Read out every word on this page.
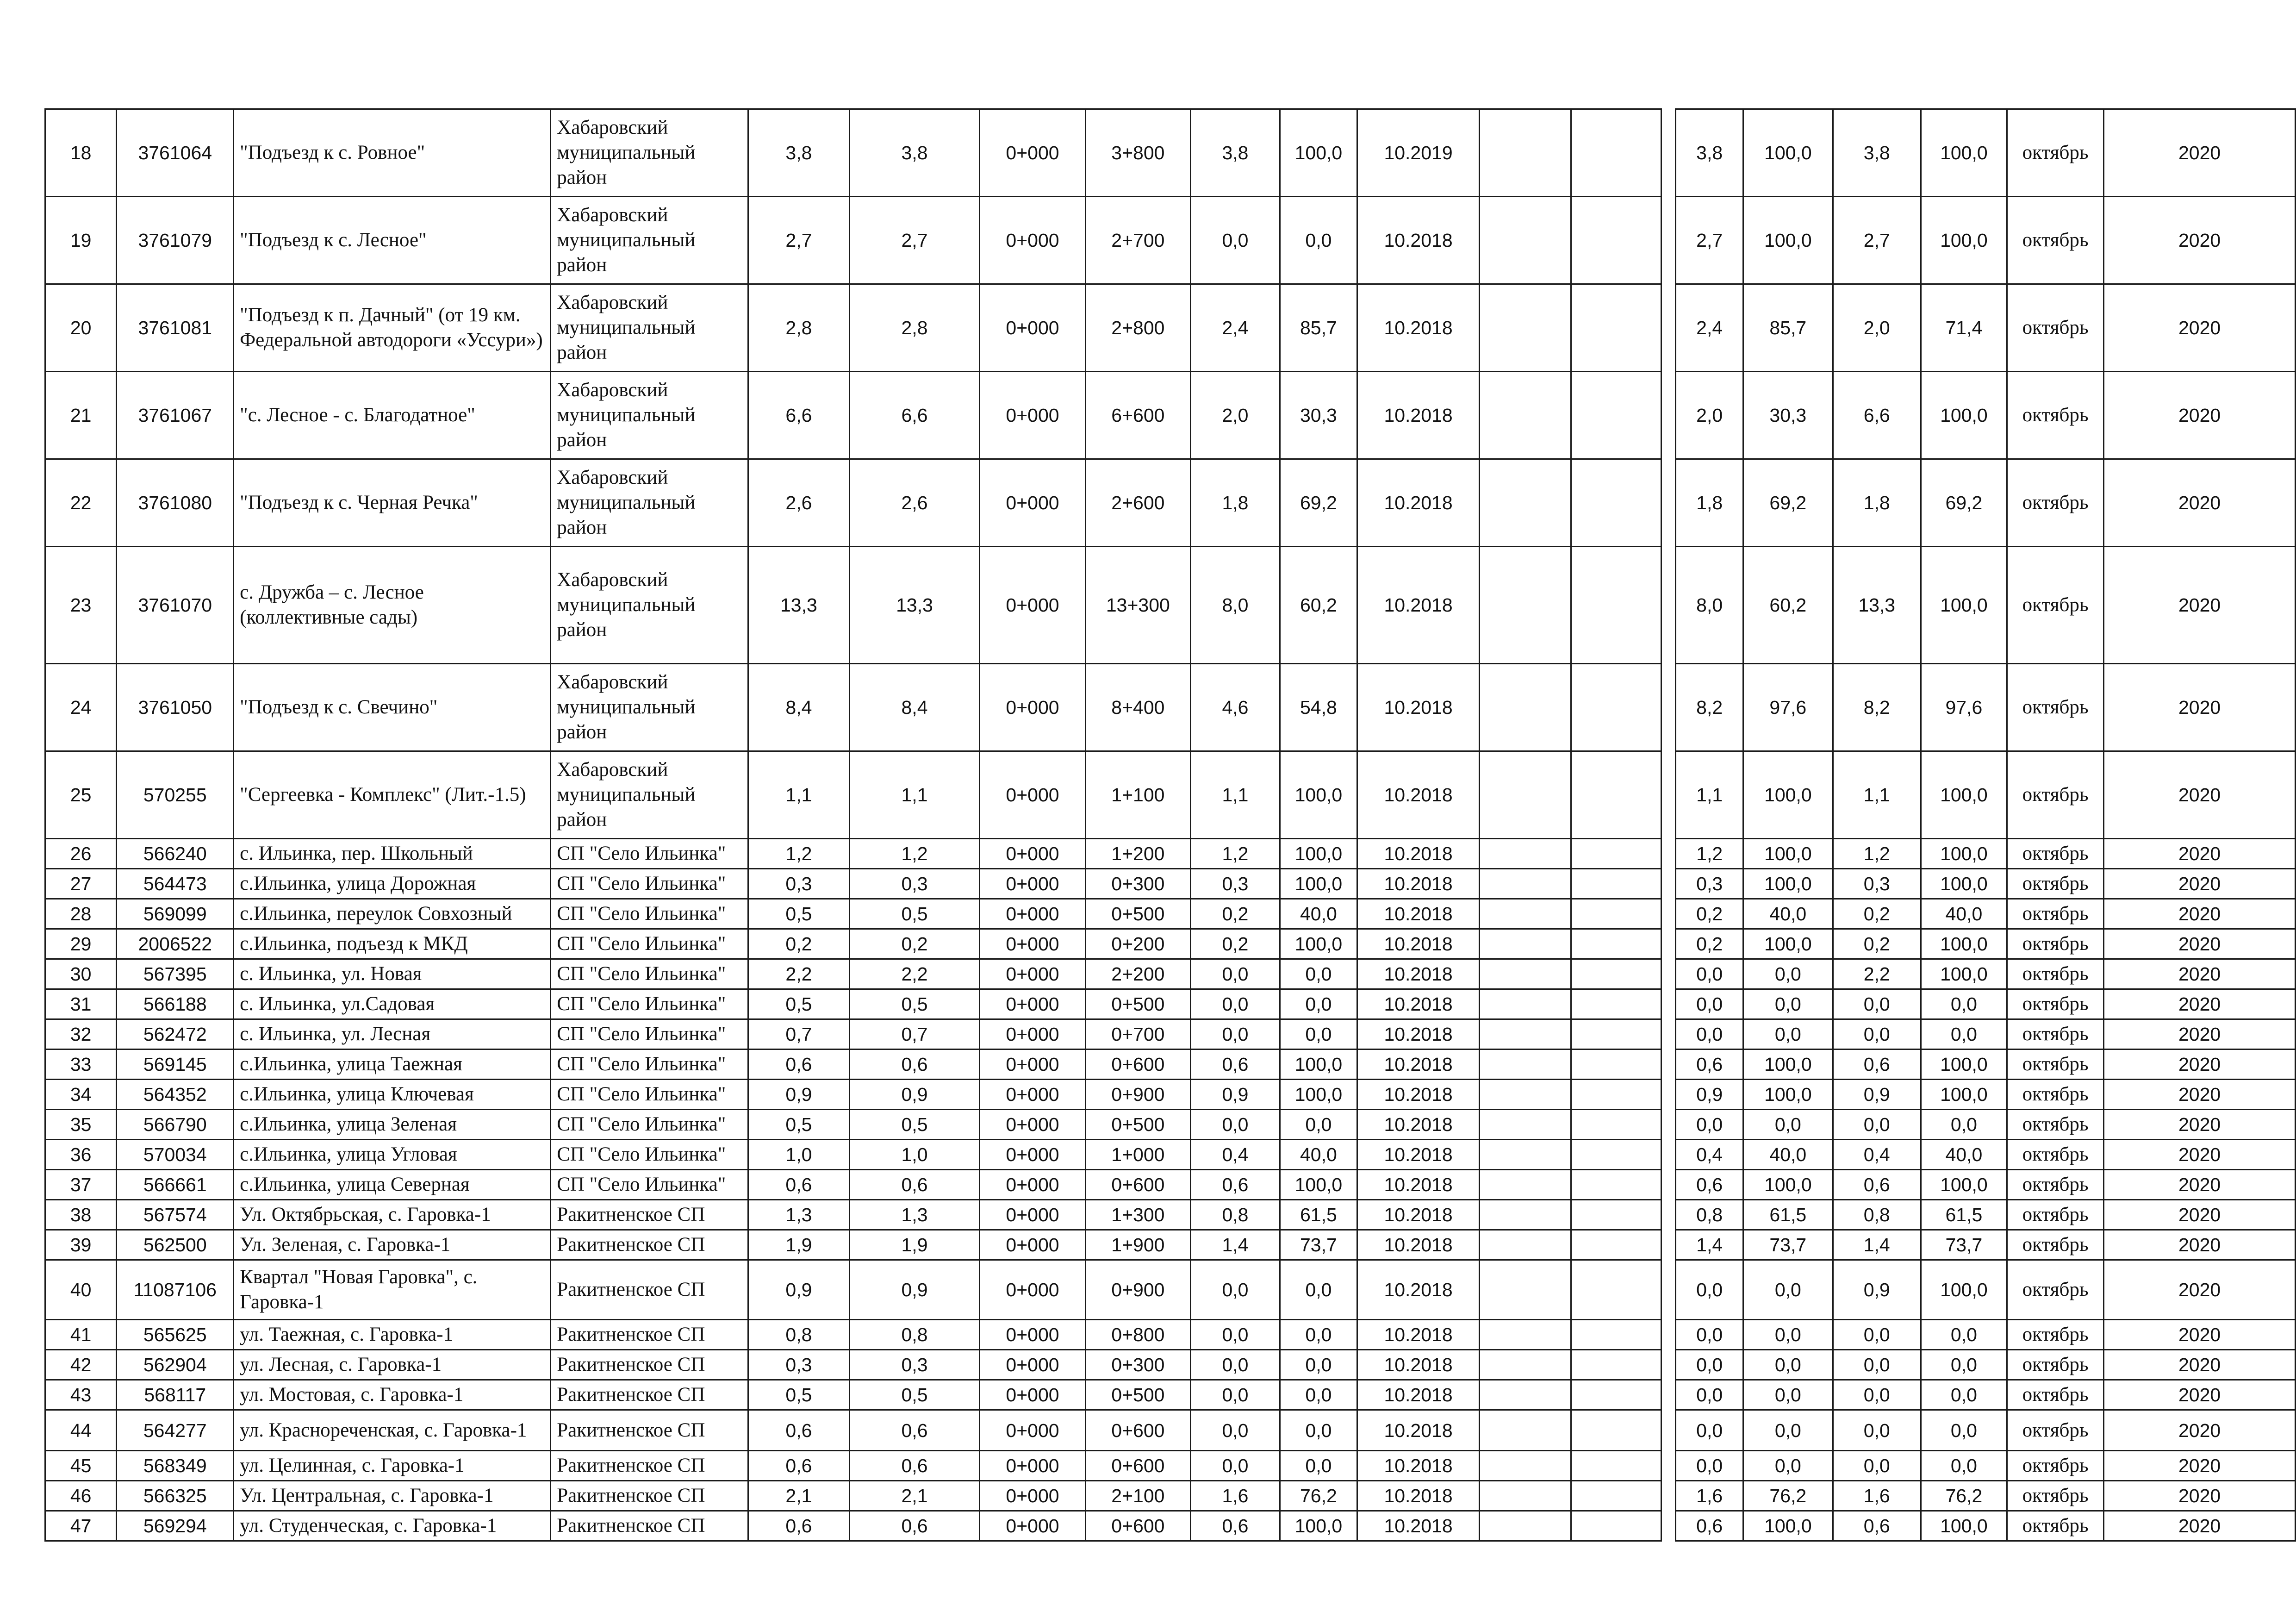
18	3761064	"Подъезд к с. Ровное"	Хабаровский муниципальный район	3,8	3,8	0+000	3+800	3,8	100,0	10.2019				3,8	100,0	3,8	100,0	октябрь	2020
19	3761079	"Подъезд к с. Лесное"	Хабаровский муниципальный район	2,7	2,7	0+000	2+700	0,0	0,0	10.2018				2,7	100,0	2,7	100,0	октябрь	2020
20	3761081	"Подъезд к п. Дачный" (от 19 км. Федеральной автодороги «Уссури»)	Хабаровский муниципальный район	2,8	2,8	0+000	2+800	2,4	85,7	10.2018				2,4	85,7	2,0	71,4	октябрь	2020
21	3761067	"с. Лесное - с. Благодатное"	Хабаровский муниципальный район	6,6	6,6	0+000	6+600	2,0	30,3	10.2018				2,0	30,3	6,6	100,0	октябрь	2020
22	3761080	"Подъезд к с. Черная Речка"	Хабаровский муниципальный район	2,6	2,6	0+000	2+600	1,8	69,2	10.2018				1,8	69,2	1,8	69,2	октябрь	2020
23	3761070	с. Дружба – с. Лесное (коллективные сады)	Хабаровский муниципальный район	13,3	13,3	0+000	13+300	8,0	60,2	10.2018				8,0	60,2	13,3	100,0	октябрь	2020
24	3761050	"Подъезд к с. Свечино"	Хабаровский муниципальный район	8,4	8,4	0+000	8+400	4,6	54,8	10.2018				8,2	97,6	8,2	97,6	октябрь	2020
25	570255	"Сергеевка - Комплекс" (Лит.-1.5)	Хабаровский муниципальный район	1,1	1,1	0+000	1+100	1,1	100,0	10.2018				1,1	100,0	1,1	100,0	октябрь	2020
26	566240	с. Ильинка, пер. Школьный	СП "Село Ильинка"	1,2	1,2	0+000	1+200	1,2	100,0	10.2018				1,2	100,0	1,2	100,0	октябрь	2020
27	564473	с.Ильинка, улица Дорожная	СП "Село Ильинка"	0,3	0,3	0+000	0+300	0,3	100,0	10.2018				0,3	100,0	0,3	100,0	октябрь	2020
28	569099	с.Ильинка, переулок Совхозный	СП "Село Ильинка"	0,5	0,5	0+000	0+500	0,2	40,0	10.2018				0,2	40,0	0,2	40,0	октябрь	2020
29	2006522	с.Ильинка, подъезд к МКД	СП "Село Ильинка"	0,2	0,2	0+000	0+200	0,2	100,0	10.2018				0,2	100,0	0,2	100,0	октябрь	2020
30	567395	с. Ильинка, ул. Новая	СП "Село Ильинка"	2,2	2,2	0+000	2+200	0,0	0,0	10.2018				0,0	0,0	2,2	100,0	октябрь	2020
31	566188	с. Ильинка, ул.Садовая	СП "Село Ильинка"	0,5	0,5	0+000	0+500	0,0	0,0	10.2018				0,0	0,0	0,0	0,0	октябрь	2020
32	562472	с. Ильинка, ул. Лесная	СП "Село Ильинка"	0,7	0,7	0+000	0+700	0,0	0,0	10.2018				0,0	0,0	0,0	0,0	октябрь	2020
33	569145	с.Ильинка, улица Таежная	СП "Село Ильинка"	0,6	0,6	0+000	0+600	0,6	100,0	10.2018				0,6	100,0	0,6	100,0	октябрь	2020
34	564352	с.Ильинка, улица Ключевая	СП "Село Ильинка"	0,9	0,9	0+000	0+900	0,9	100,0	10.2018				0,9	100,0	0,9	100,0	октябрь	2020
35	566790	с.Ильинка, улица Зеленая	СП "Село Ильинка"	0,5	0,5	0+000	0+500	0,0	0,0	10.2018				0,0	0,0	0,0	0,0	октябрь	2020
36	570034	с.Ильинка, улица Угловая	СП "Село Ильинка"	1,0	1,0	0+000	1+000	0,4	40,0	10.2018				0,4	40,0	0,4	40,0	октябрь	2020
37	566661	с.Ильинка, улица Северная	СП "Село Ильинка"	0,6	0,6	0+000	0+600	0,6	100,0	10.2018				0,6	100,0	0,6	100,0	октябрь	2020
38	567574	Ул. Октябрьская, с. Гаровка-1	Ракитненское СП	1,3	1,3	0+000	1+300	0,8	61,5	10.2018				0,8	61,5	0,8	61,5	октябрь	2020
39	562500	Ул. Зеленая, с. Гаровка-1	Ракитненское СП	1,9	1,9	0+000	1+900	1,4	73,7	10.2018				1,4	73,7	1,4	73,7	октябрь	2020
40	11087106	Квартал "Новая Гаровка", с. Гаровка-1	Ракитненское СП	0,9	0,9	0+000	0+900	0,0	0,0	10.2018				0,0	0,0	0,9	100,0	октябрь	2020
41	565625	ул. Таежная, с. Гаровка-1	Ракитненское СП	0,8	0,8	0+000	0+800	0,0	0,0	10.2018				0,0	0,0	0,0	0,0	октябрь	2020
42	562904	ул. Лесная, с. Гаровка-1	Ракитненское СП	0,3	0,3	0+000	0+300	0,0	0,0	10.2018				0,0	0,0	0,0	0,0	октябрь	2020
43	568117	ул. Мостовая, с. Гаровка-1	Ракитненское СП	0,5	0,5	0+000	0+500	0,0	0,0	10.2018				0,0	0,0	0,0	0,0	октябрь	2020
44	564277	ул. Краснореченская, с. Гаровка-1	Ракитненское СП	0,6	0,6	0+000	0+600	0,0	0,0	10.2018				0,0	0,0	0,0	0,0	октябрь	2020
45	568349	ул. Целинная, с. Гаровка-1	Ракитненское СП	0,6	0,6	0+000	0+600	0,0	0,0	10.2018				0,0	0,0	0,0	0,0	октябрь	2020
46	566325	Ул. Центральная, с. Гаровка-1	Ракитненское СП	2,1	2,1	0+000	2+100	1,6	76,2	10.2018				1,6	76,2	1,6	76,2	октябрь	2020
47	569294	ул. Студенческая, с. Гаровка-1	Ракитненское СП	0,6	0,6	0+000	0+600	0,6	100,0	10.2018				0,6	100,0	0,6	100,0	октябрь	2020
